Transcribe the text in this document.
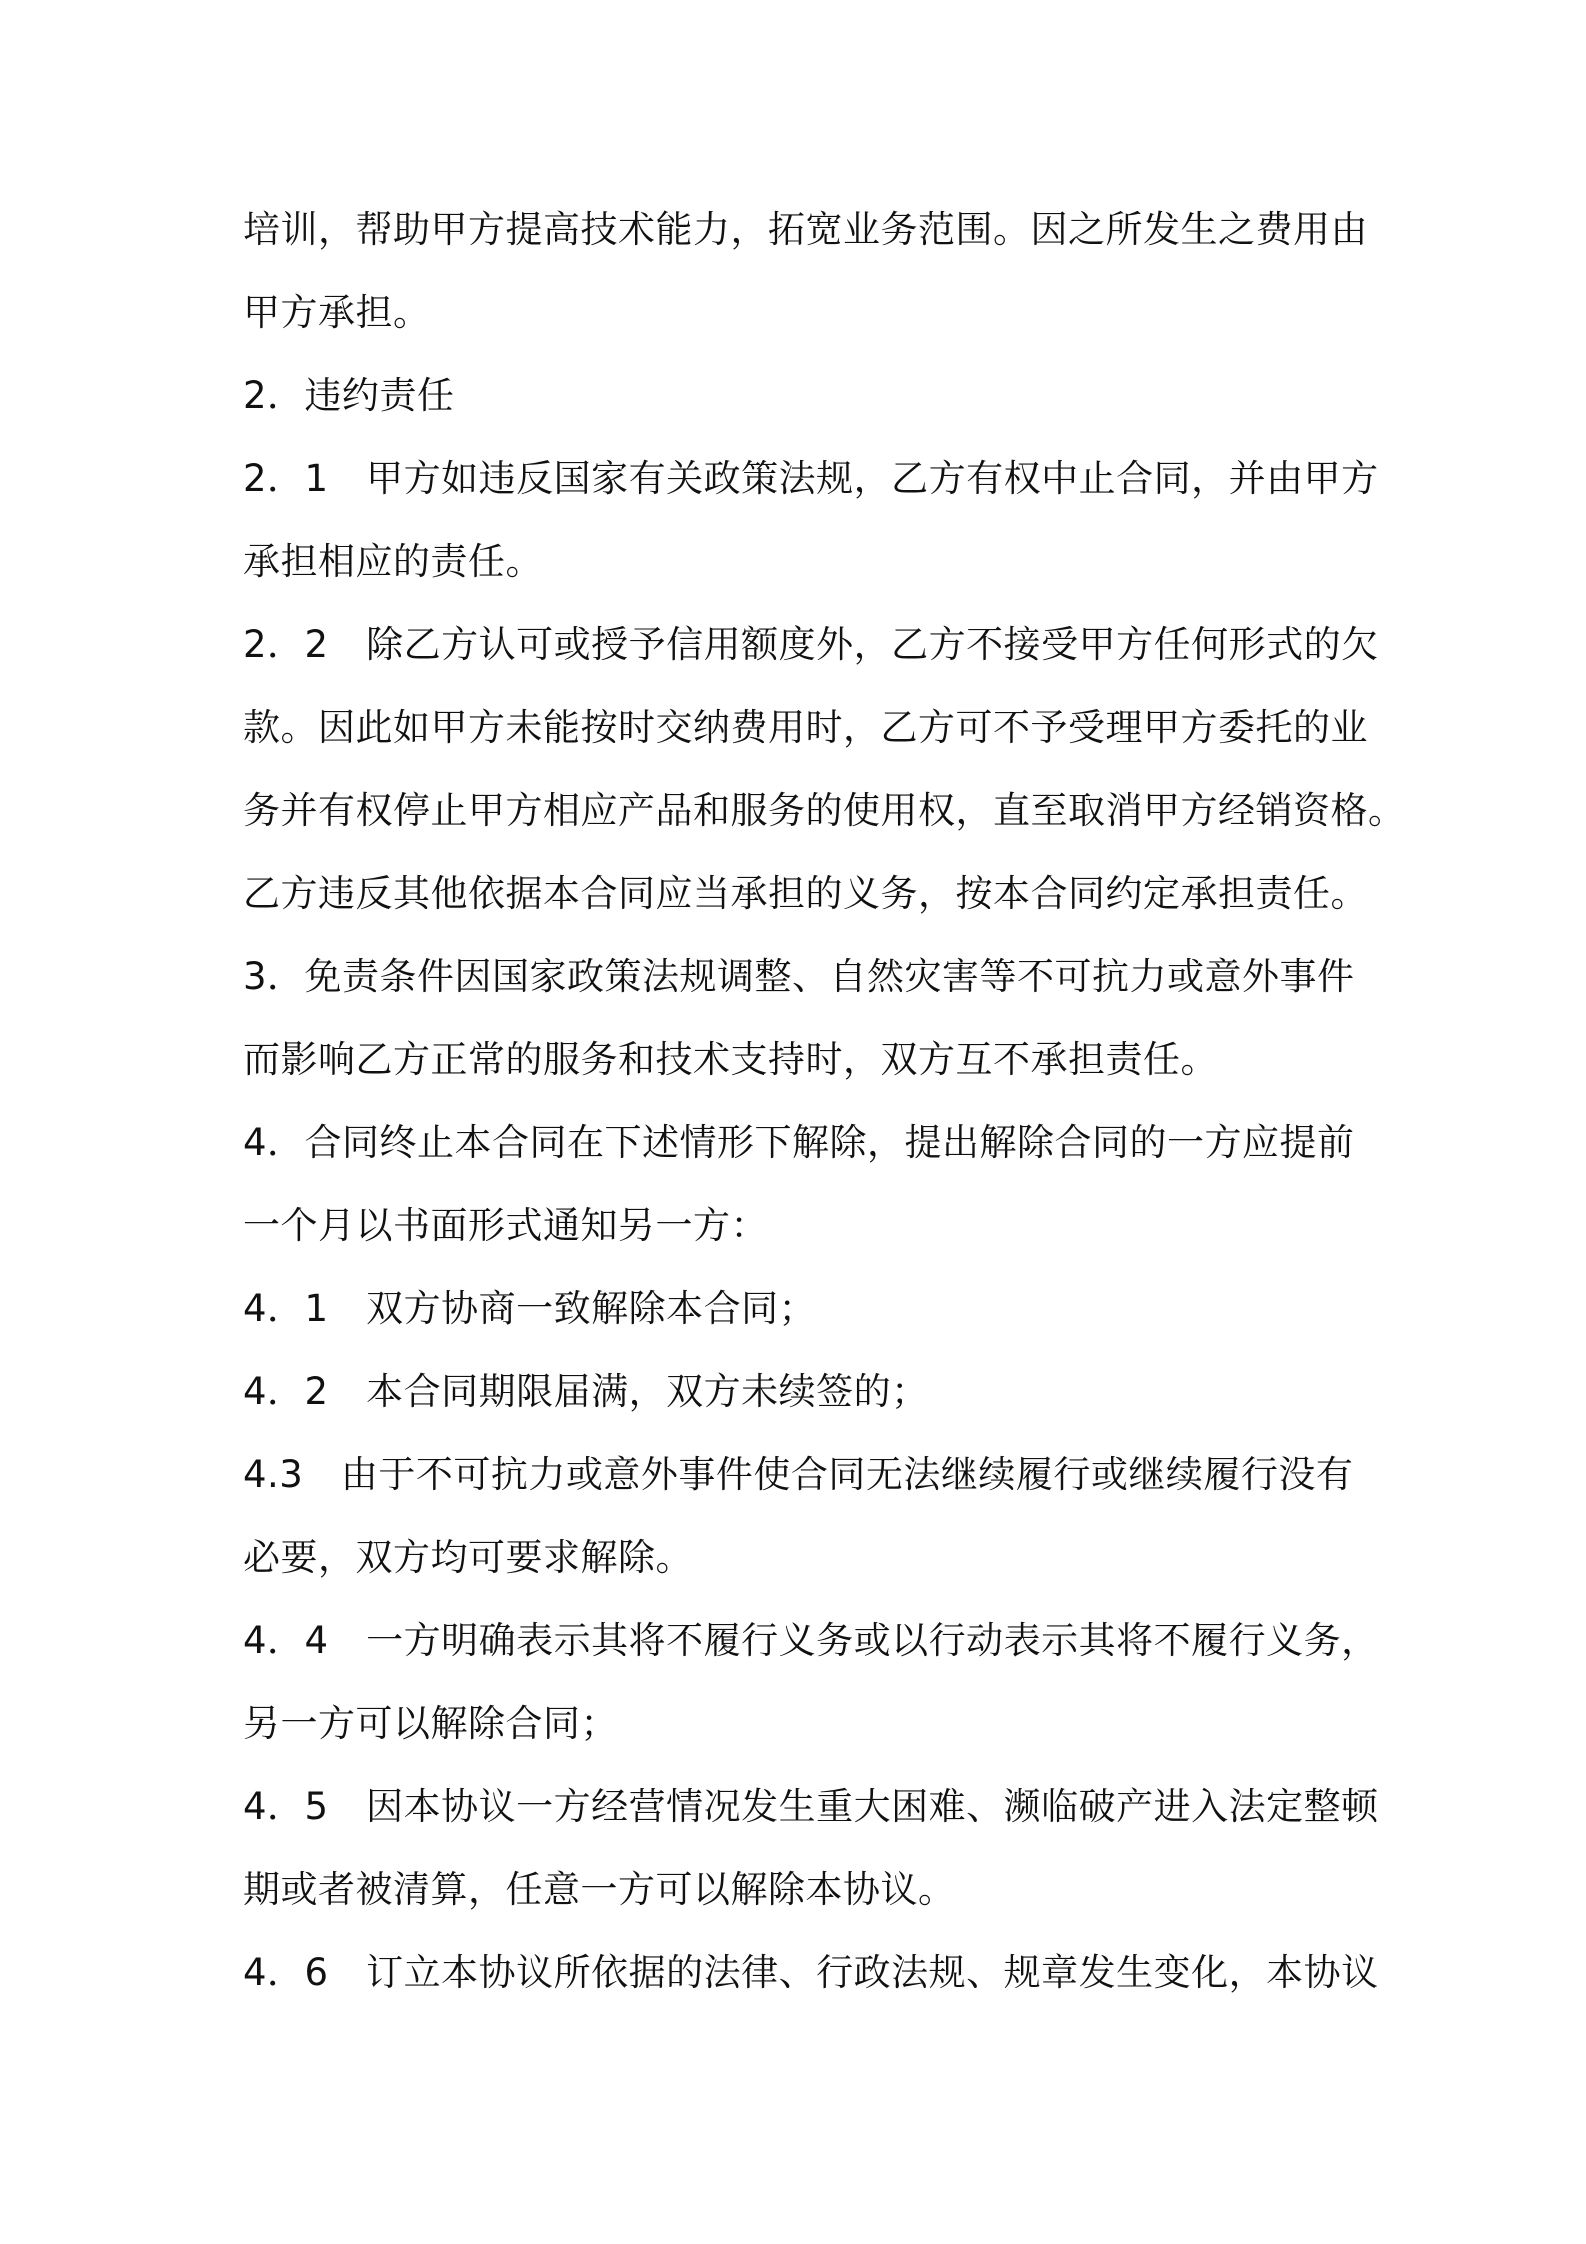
培训，帮助甲方提高技术能力，拓宽业务范围。因之所发生之费用由
甲方承担。
2．违约责任
2．1　甲方如违反国家有关政策法规，乙方有权中止合同，并由甲方
承担相应的责任。
2．2　除乙方认可或授予信用额度外，乙方不接受甲方任何形式的欠
款。因此如甲方未能按时交纳费用时，乙方可不予受理甲方委托的业
务并有权停止甲方相应产品和服务的使用权，直至取消甲方经销资格。
乙方违反其他依据本合同应当承担的义务，按本合同约定承担责任。
3．免责条件因国家政策法规调整、自然灾害等不可抗力或意外事件
而影响乙方正常的服务和技术支持时，双方互不承担责任。
4．合同终止本合同在下述情形下解除，提出解除合同的一方应提前
一个月以书面形式通知另一方：
4．1　双方协商一致解除本合同；
4．2　本合同期限届满，双方未续签的；
4.3　由于不可抗力或意外事件使合同无法继续履行或继续履行没有
必要，双方均可要求解除。
4．4　一方明确表示其将不履行义务或以行动表示其将不履行义务，
另一方可以解除合同；
4．5　因本协议一方经营情况发生重大困难、濒临破产进入法定整顿
期或者被清算，任意一方可以解除本协议。
4．6　订立本协议所依据的法律、行政法规、规章发生变化，本协议
